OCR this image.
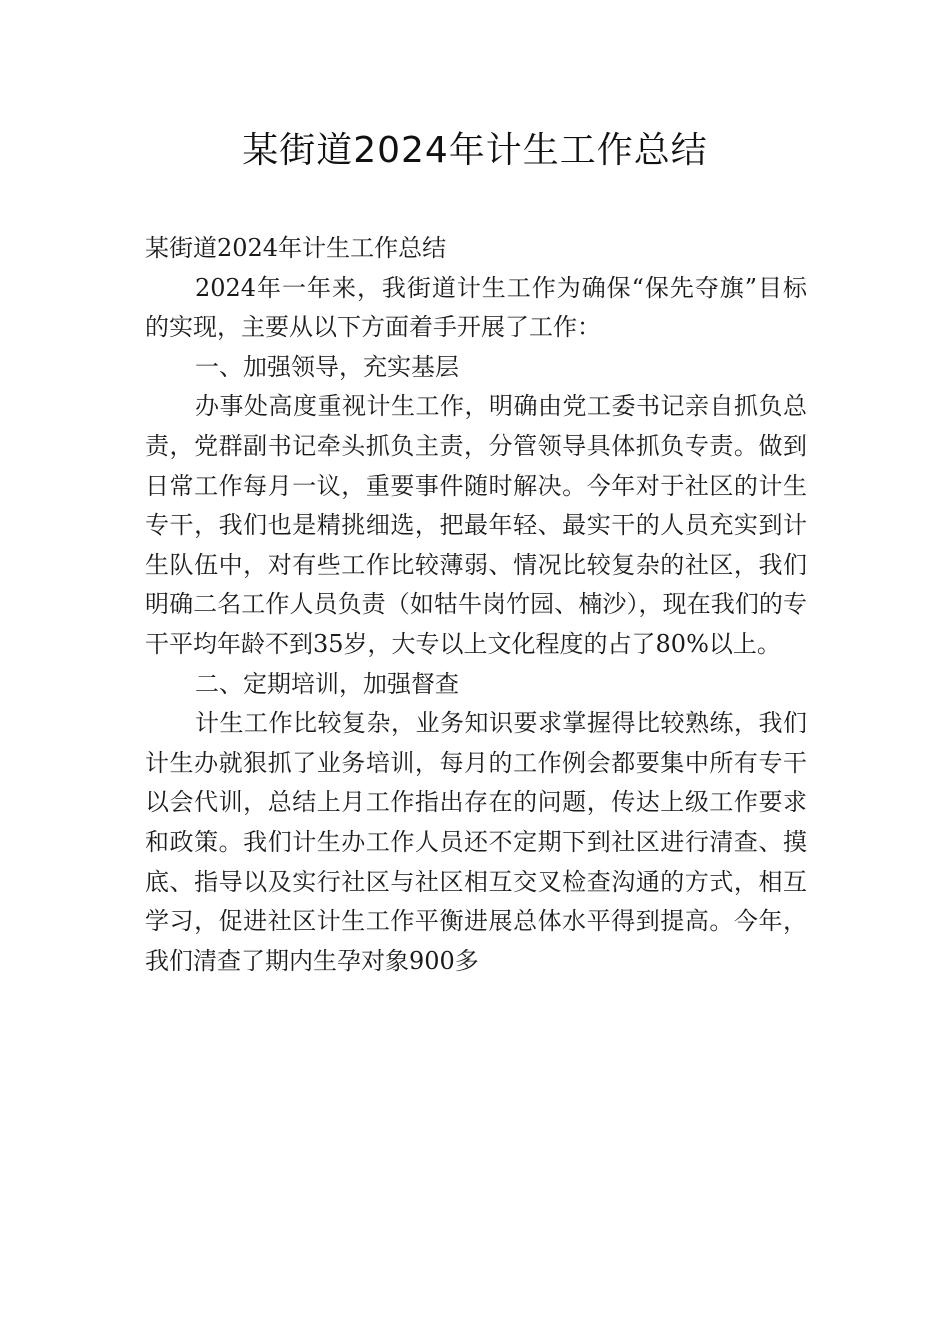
某街道2024年计生工作总结

某街道2024年计生工作总结

2024年一年来，我街道计生工作为确保“保先夺旗”目标的实现，主要从以下方面着手开展了工作：

一、加强领导，充实基层

办事处高度重视计生工作，明确由党工委书记亲自抓负总责，党群副书记牵头抓负主责，分管领导具体抓负专责。做到日常工作每月一议，重要事件随时解决。今年对于社区的计生专干，我们也是精挑细选，把最年轻、最实干的人员充实到计生队伍中，对有些工作比较薄弱、情况比较复杂的社区，我们明确二名工作人员负责（如牯牛岗竹园、楠沙），现在我们的专干平均年龄不到35岁，大专以上文化程度的占了80%以上。

二、定期培训，加强督查

计生工作比较复杂，业务知识要求掌握得比较熟练，我们计生办就狠抓了业务培训，每月的工作例会都要集中所有专干以会代训，总结上月工作指出存在的问题，传达上级工作要求和政策。我们计生办工作人员还不定期下到社区进行清查、摸底、指导以及实行社区与社区相互交叉检查沟通的方式，相互学习，促进社区计生工作平衡进展总体水平得到提高。今年，我们清查了期内生孕对象900多
